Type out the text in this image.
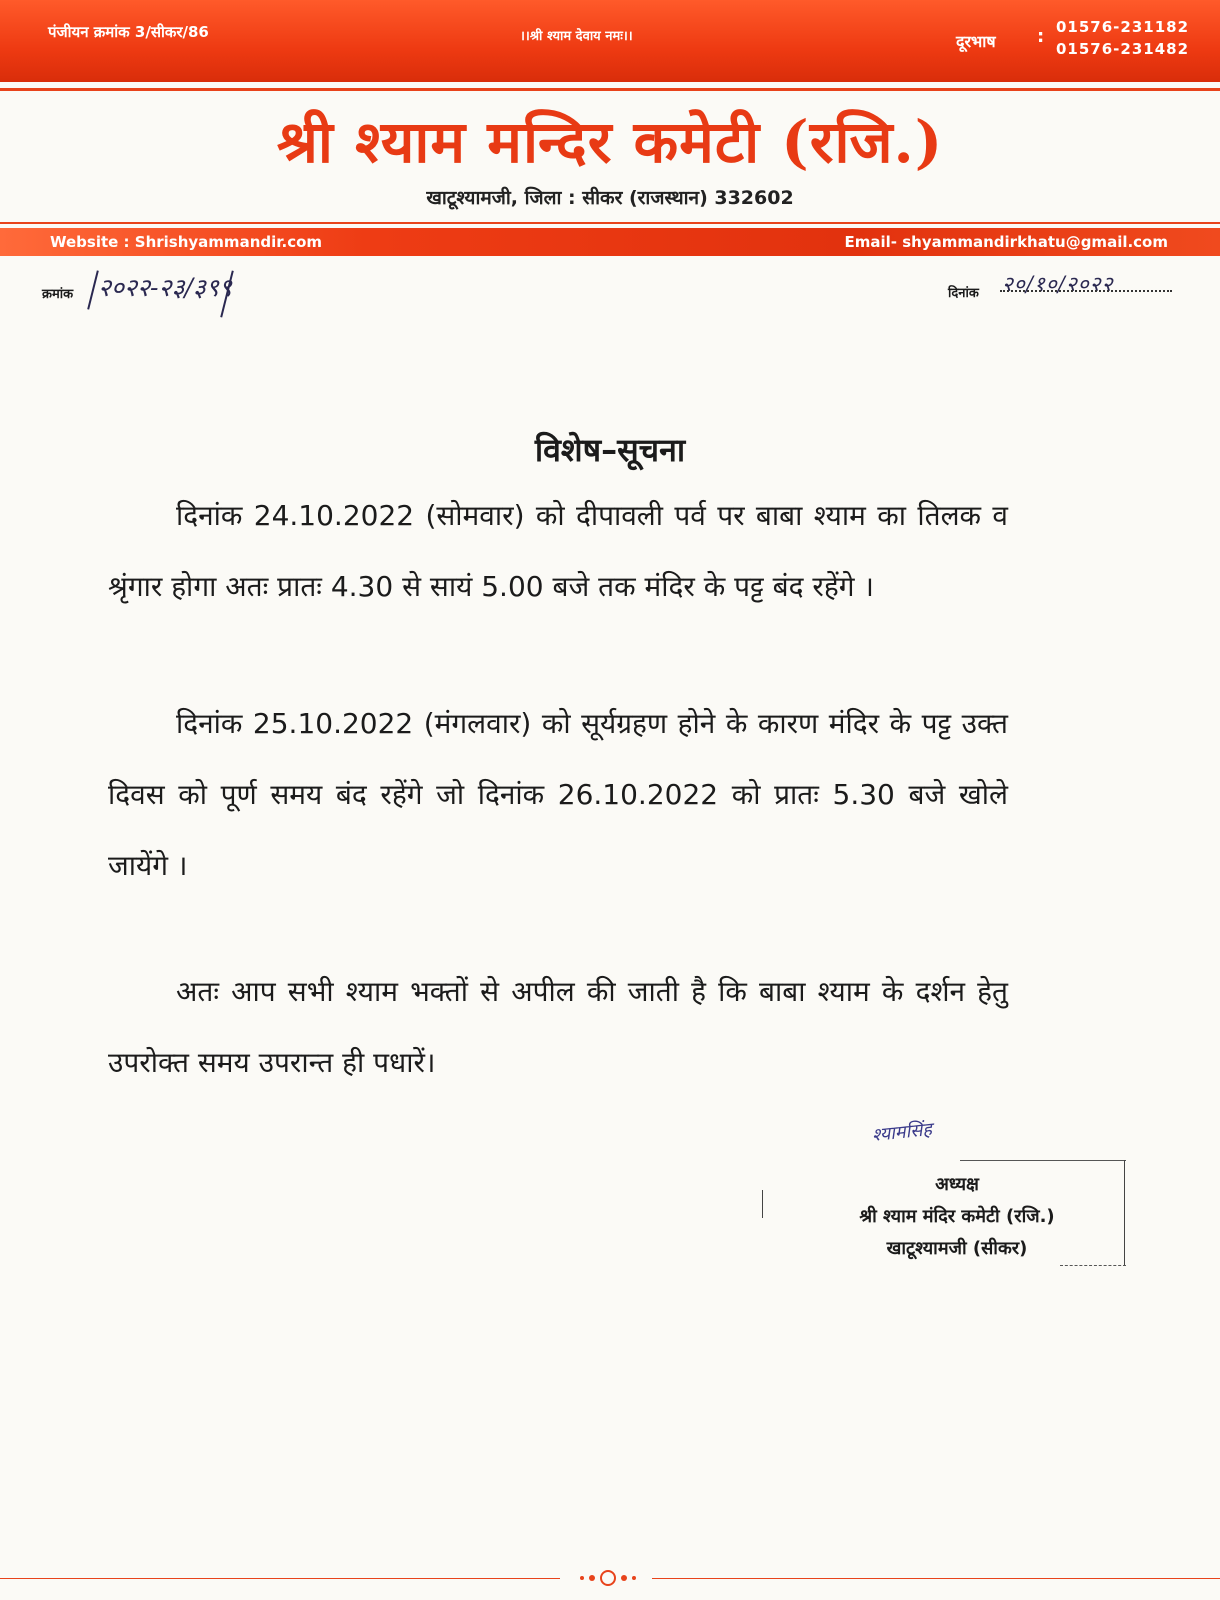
पंजीयन क्रमांक 3/सीकर/86	।।श्री श्याम देवाय नमः।।	दूरभाष : 01576-231182
01576-231482
श्री श्याम मन्दिर कमेटी (रजि.)
खाटूश्यामजी, जिला : सीकर (राजस्थान) 332602
Website : Shrishyammandir.com	Email- shyammandirkhatu@gmail.com
क्रमांक २०२२-२३/३९९	दिनांक २०/१०/२०२२
विशेष–सूचना
दिनांक 24.10.2022 (सोमवार) को दीपावली पर्व पर बाबा श्याम का तिलक व श्रृंगार होगा अतः प्रातः 4.30 से सायं 5.00 बजे तक मंदिर के पट्ट बंद रहेंगे ।
दिनांक 25.10.2022 (मंगलवार) को सूर्यग्रहण होने के कारण मंदिर के पट्ट उक्त दिवस को पूर्ण समय बंद रहेंगे जो दिनांक 26.10.2022 को प्रातः 5.30 बजे खोले जायेंगे ।
अतः आप सभी श्याम भक्तों से अपील की जाती है कि बाबा श्याम के दर्शन हेतु उपरोक्त समय उपरान्त ही पधारें।
श्यामसिंह
अध्यक्ष
श्री श्याम मंदिर कमेटी (रजि.)
खाटूश्यामजी (सीकर)
